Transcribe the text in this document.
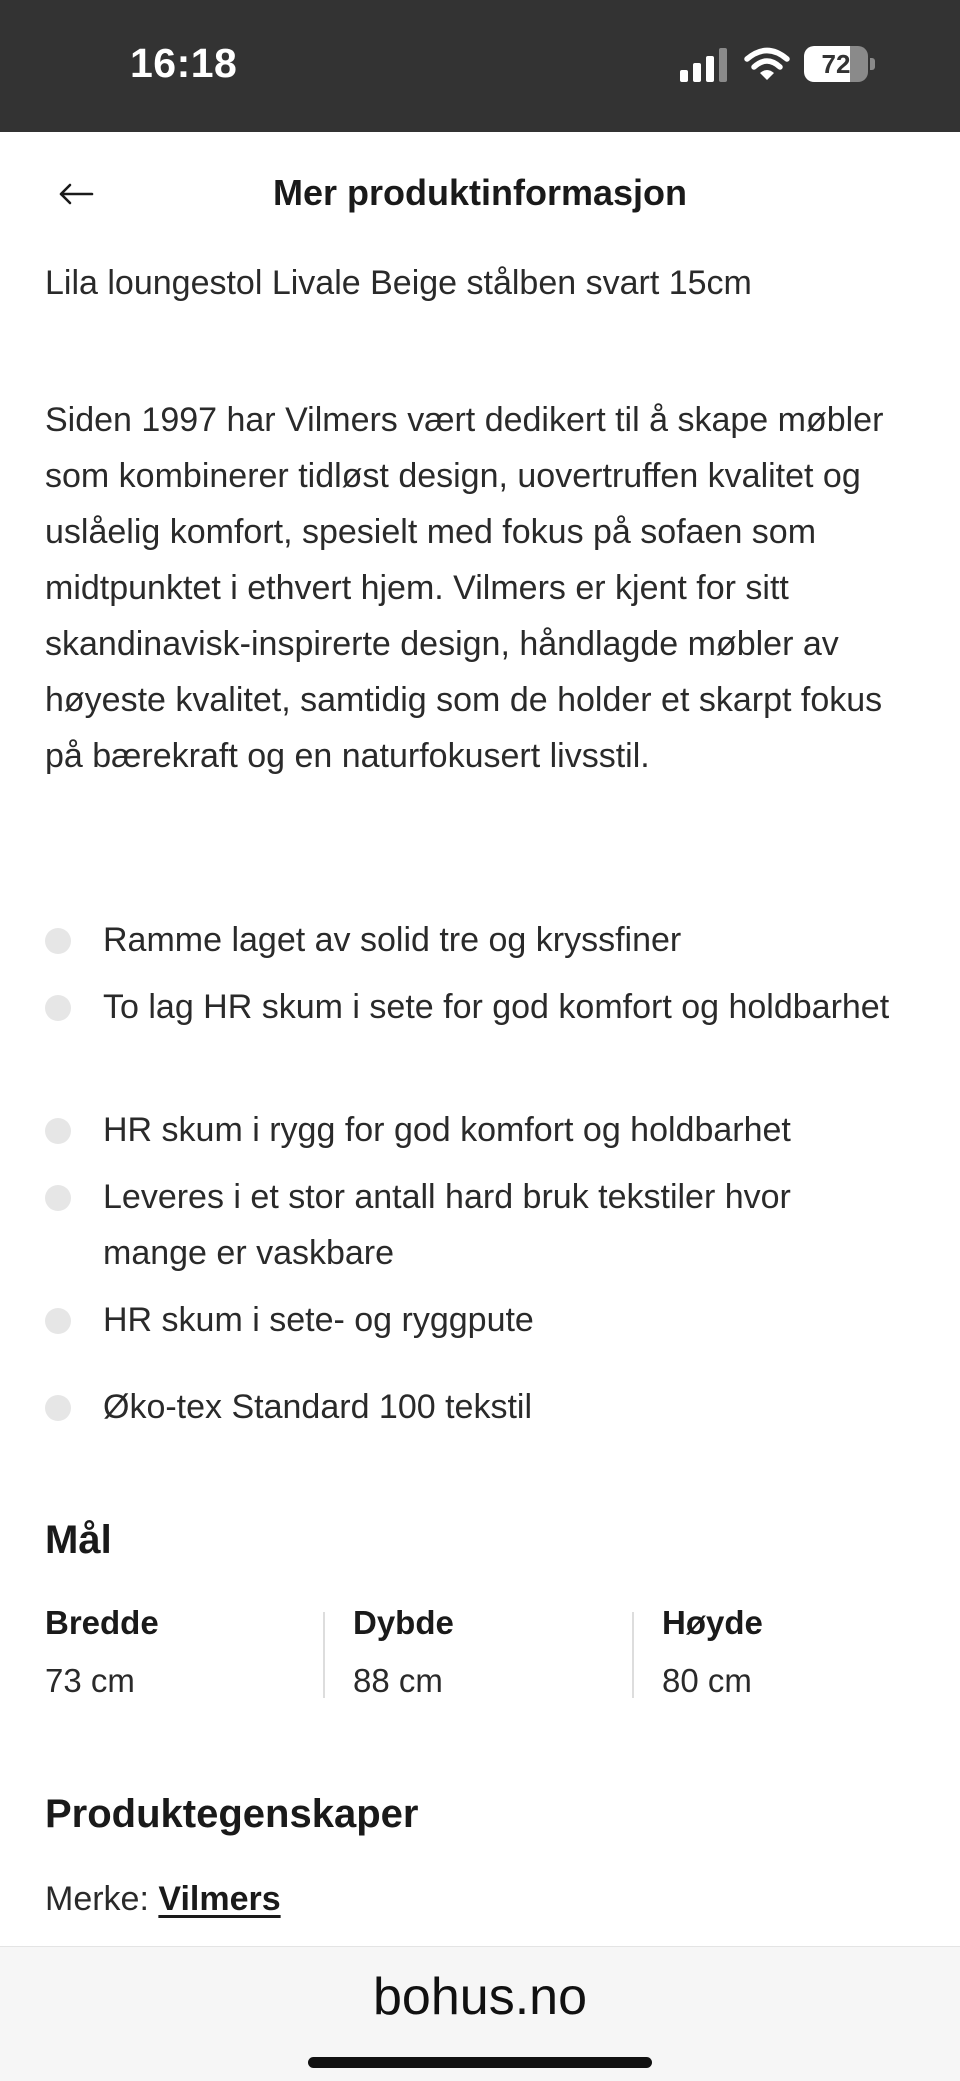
16:18	72
Mer produktinformasjon
Lila loungestol Livale Beige stålben svart 15cm
Siden 1997 har Vilmers vært dedikert til å skape møbler som kombinerer tidløst design, uovertruffen kvalitet og uslåelig komfort, spesielt med fokus på sofaen som midtpunktet i ethvert hjem. Vilmers er kjent for sitt skandinavisk-inspirerte design, håndlagde møbler av høyeste kvalitet, samtidig som de holder et skarpt fokus på bærekraft og en naturfokusert livsstil.
Ramme laget av solid tre og kryssfiner
To lag HR skum i sete for god komfort og holdbarhet
HR skum i rygg for god komfort og holdbarhet
Leveres i et stor antall hard bruk tekstiler hvor mange er vaskbare
HR skum i sete- og ryggpute
Øko-tex Standard 100 tekstil
Mål
Bredde
73 cm
Dybde
88 cm
Høyde
80 cm
Produktegenskaper
Merke: Vilmers
bohus.no
